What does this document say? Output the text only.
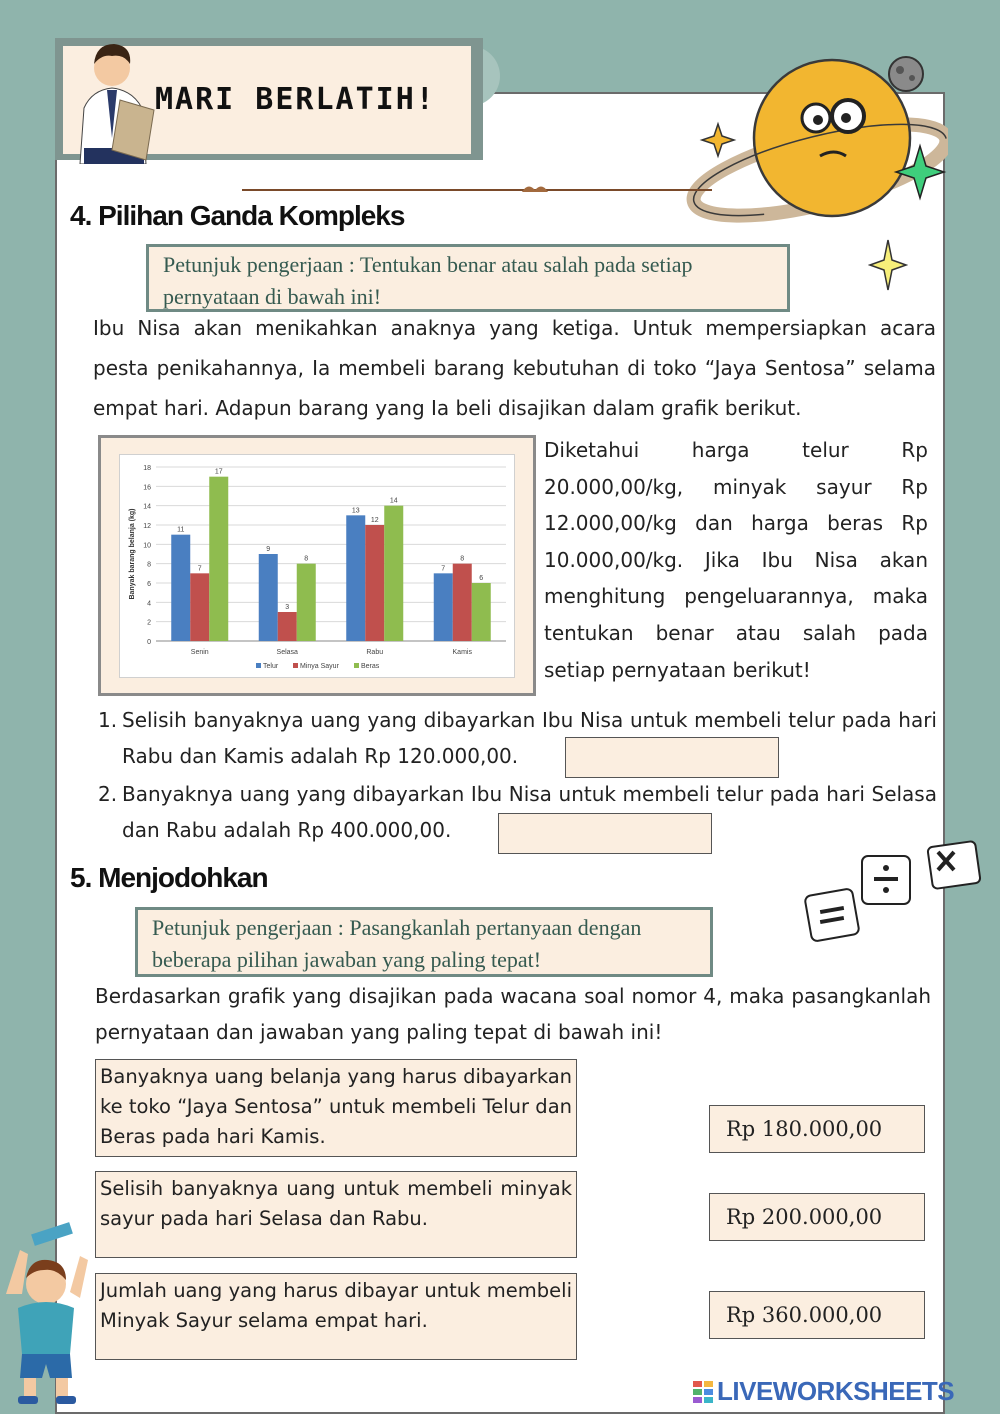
MARI BERLATIH!
4. Pilihan Ganda Kompleks
Petunjuk pengerjaan : Tentukan benar atau salah pada setiap pernyataan di bawah ini!
Ibu Nisa akan menikahkan anaknya yang ketiga. Untuk mempersiapkan acara pesta penikahannya, Ia membeli barang kebutuhan di toko “Jaya Sentosa” selama empat hari. Adapun barang yang Ia beli disajikan dalam grafik berikut.
0
2
4
6
8
10
12
14
16
18
Banyak barang belanja (kg)	11
7
17
Senin
9
3
8
Selasa
13
12
14
Rabu
7
8
6
Kamis
Telur	Minya Sayur	Beras
Diketahui harga telur Rp 20.000,00/kg, minyak sayur Rp 12.000,00/kg dan harga beras Rp 10.000,00/kg. Jika Ibu Nisa akan menghitung pengeluarannya, maka tentukan benar atau salah pada setiap pernyataan berikut!
1. Selisih banyaknya uang yang dibayarkan Ibu Nisa untuk membeli telur pada hari Rabu dan Kamis adalah Rp 120.000,00.
2. Banyaknya uang yang dibayarkan Ibu Nisa untuk membeli telur pada hari Selasa dan Rabu adalah Rp 400.000,00.
5. Menjodohkan
Petunjuk pengerjaan : Pasangkanlah pertanyaan dengan beberapa pilihan jawaban yang paling tepat!
Berdasarkan grafik yang disajikan pada wacana soal nomor 4, maka pasangkanlah pernyataan dan jawaban yang paling tepat di bawah ini!
Banyaknya uang belanja yang harus dibayarkan ke toko “Jaya Sentosa” untuk membeli Telur dan Beras pada hari Kamis.
Selisih banyaknya uang untuk membeli minyak sayur pada hari Selasa dan Rabu.
Jumlah uang yang harus dibayar untuk membeli Minyak Sayur selama empat hari.
Rp 180.000,00
Rp 200.000,00
Rp 360.000,00
LIVEWORKSHEETS
